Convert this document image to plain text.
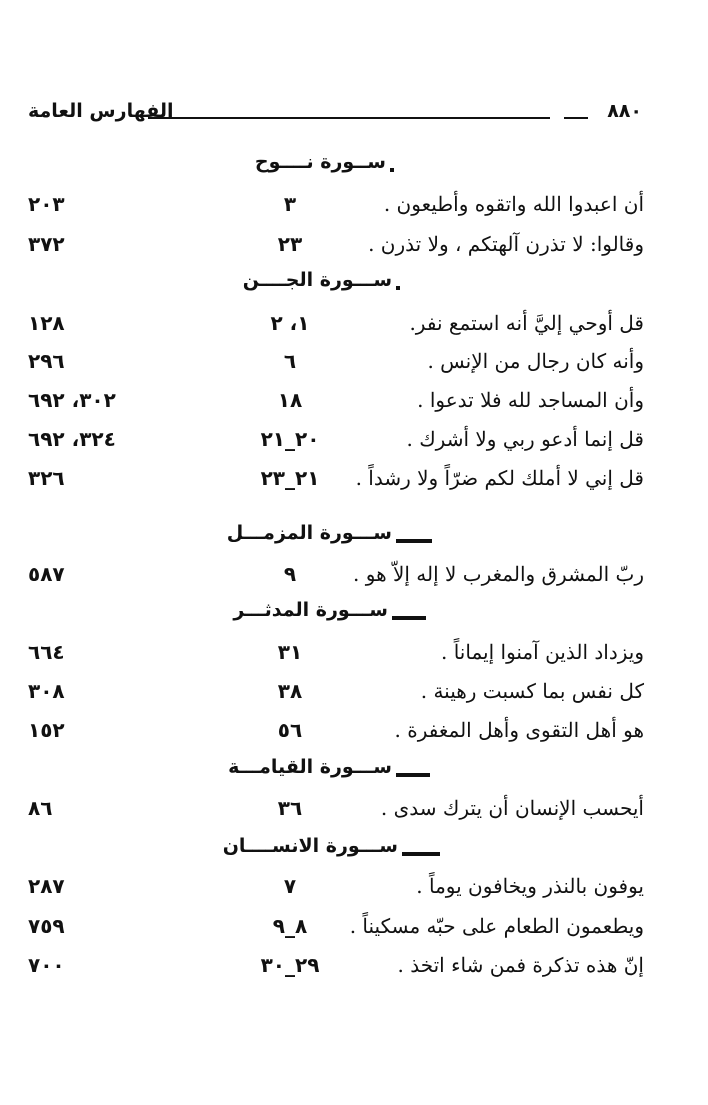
٨٨٠
الفهارس العامة
ســورة نــــوح
أن اعبدوا الله واتقوه وأطيعون .
٣
٢٠٣
وقالوا: لا تذرن آلهتكم ، ولا تذرن .
٢٣
٣٧٢
ســـورة الجــــن
قل أوحي إليَّ أنه استمع نفر.
١، ٢
١٢٨
وأنه كان رجال من الإنس .
٦
٢٩٦
وأن المساجد لله فلا تدعوا .
١٨
٣٠٢، ٦٩٢
قل إنما أدعو ربي ولا أشرك .
٢٠_٢١
٣٢٤، ٦٩٢
قل إني لا أملك لكم ضرّاً ولا رشداً .
٢١_٢٣
٣٢٦
ســـورة المزمـــل
ربّ المشرق والمغرب لا إله إلاّ هو .
٩
٥٨٧
ســـورة المدثـــر
ويزداد الذين آمنوا إيماناً .
٣١
٦٦٤
كل نفس بما كسبت رهينة .
٣٨
٣٠٨
هو أهل التقوى وأهل المغفرة .
٥٦
١٥٢
ســـورة القيامـــة
أيحسب الإنسان أن يترك سدى .
٣٦
٨٦
ســـورة الانســــان
يوفون بالنذر ويخافون يوماً .
٧
٢٨٧
ويطعمون الطعام على حبّه مسكيناً .
٨_٩
٧٥٩
إنّ هذه تذكرة فمن شاء اتخذ .
٢٩_٣٠
٧٠٠
